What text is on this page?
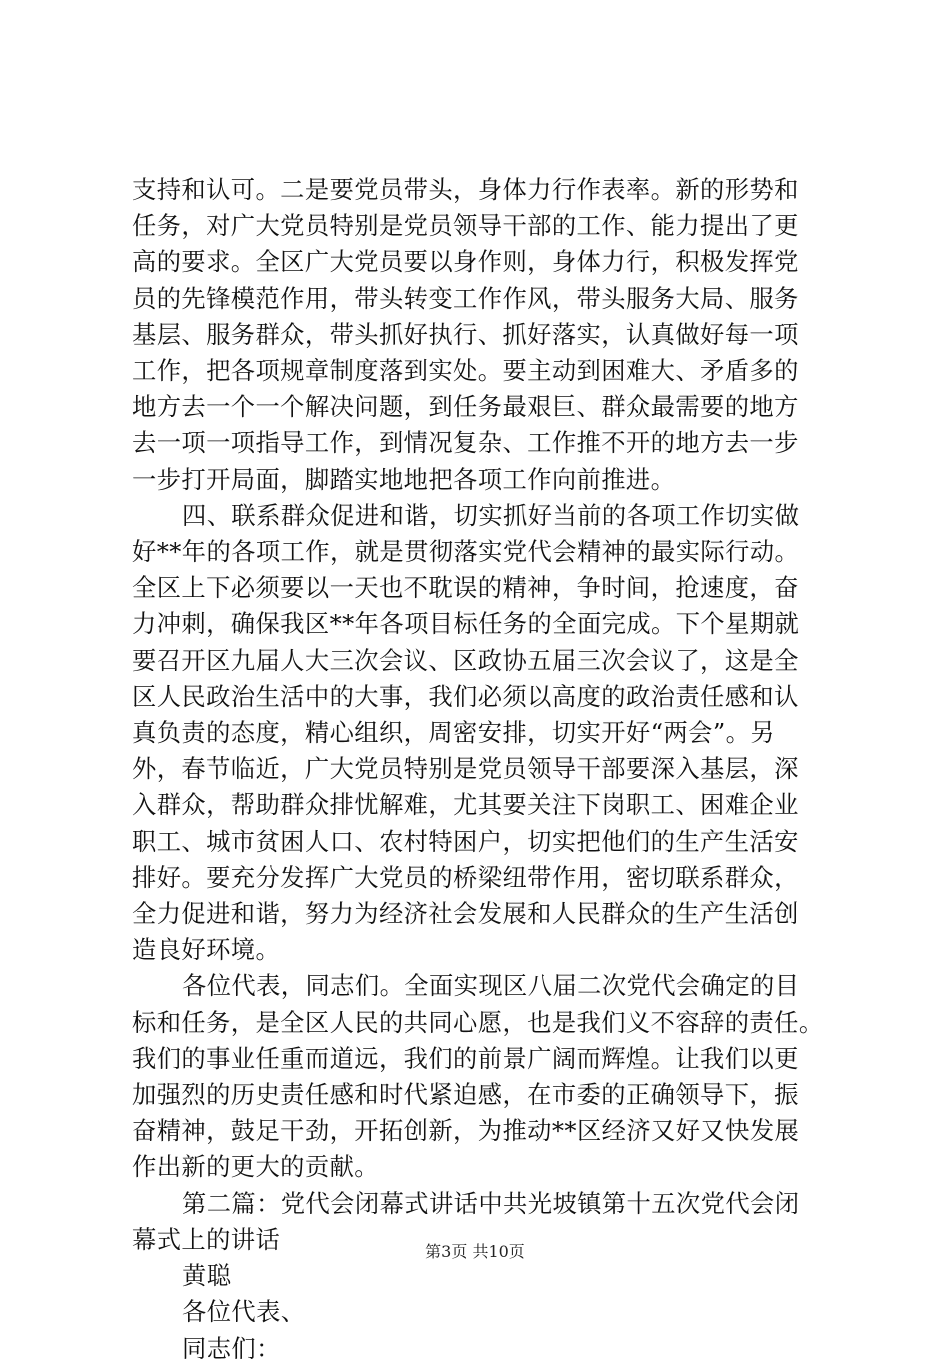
支持和认可。二是要党员带头，身体力行作表率。新的形势和
任务，对广大党员特别是党员领导干部的工作、能力提出了更
高的要求。全区广大党员要以身作则，身体力行，积极发挥党
员的先锋模范作用，带头转变工作作风，带头服务大局、服务
基层、服务群众，带头抓好执行、抓好落实，认真做好每一项
工作，把各项规章制度落到实处。要主动到困难大、矛盾多的
地方去一个一个解决问题，到任务最艰巨、群众最需要的地方
去一项一项指导工作，到情况复杂、工作推不开的地方去一步
一步打开局面，脚踏实地地把各项工作向前推进。

四、联系群众促进和谐，切实抓好当前的各项工作切实做
好**年的各项工作，就是贯彻落实党代会精神的最实际行动。
全区上下必须要以一天也不耽误的精神，争时间，抢速度，奋
力冲刺，确保我区**年各项目标任务的全面完成。下个星期就
要召开区九届人大三次会议、区政协五届三次会议了，这是全
区人民政治生活中的大事，我们必须以高度的政治责任感和认
真负责的态度，精心组织，周密安排，切实开好“两会”。另
外，春节临近，广大党员特别是党员领导干部要深入基层，深
入群众，帮助群众排忧解难，尤其要关注下岗职工、困难企业
职工、城市贫困人口、农村特困户，切实把他们的生产生活安
排好。要充分发挥广大党员的桥梁纽带作用，密切联系群众，
全力促进和谐，努力为经济社会发展和人民群众的生产生活创
造良好环境。

各位代表，同志们。全面实现区八届二次党代会确定的目
标和任务，是全区人民的共同心愿，也是我们义不容辞的责任。
我们的事业任重而道远，我们的前景广阔而辉煌。让我们以更
加强烈的历史责任感和时代紧迫感，在市委的正确领导下，振
奋精神，鼓足干劲，开拓创新，为推动**区经济又好又快发展
作出新的更大的贡献。

第二篇：党代会闭幕式讲话中共光坡镇第十五次党代会闭
幕式上的讲话

黄聪

各位代表、

同志们：

第3页 共10页
